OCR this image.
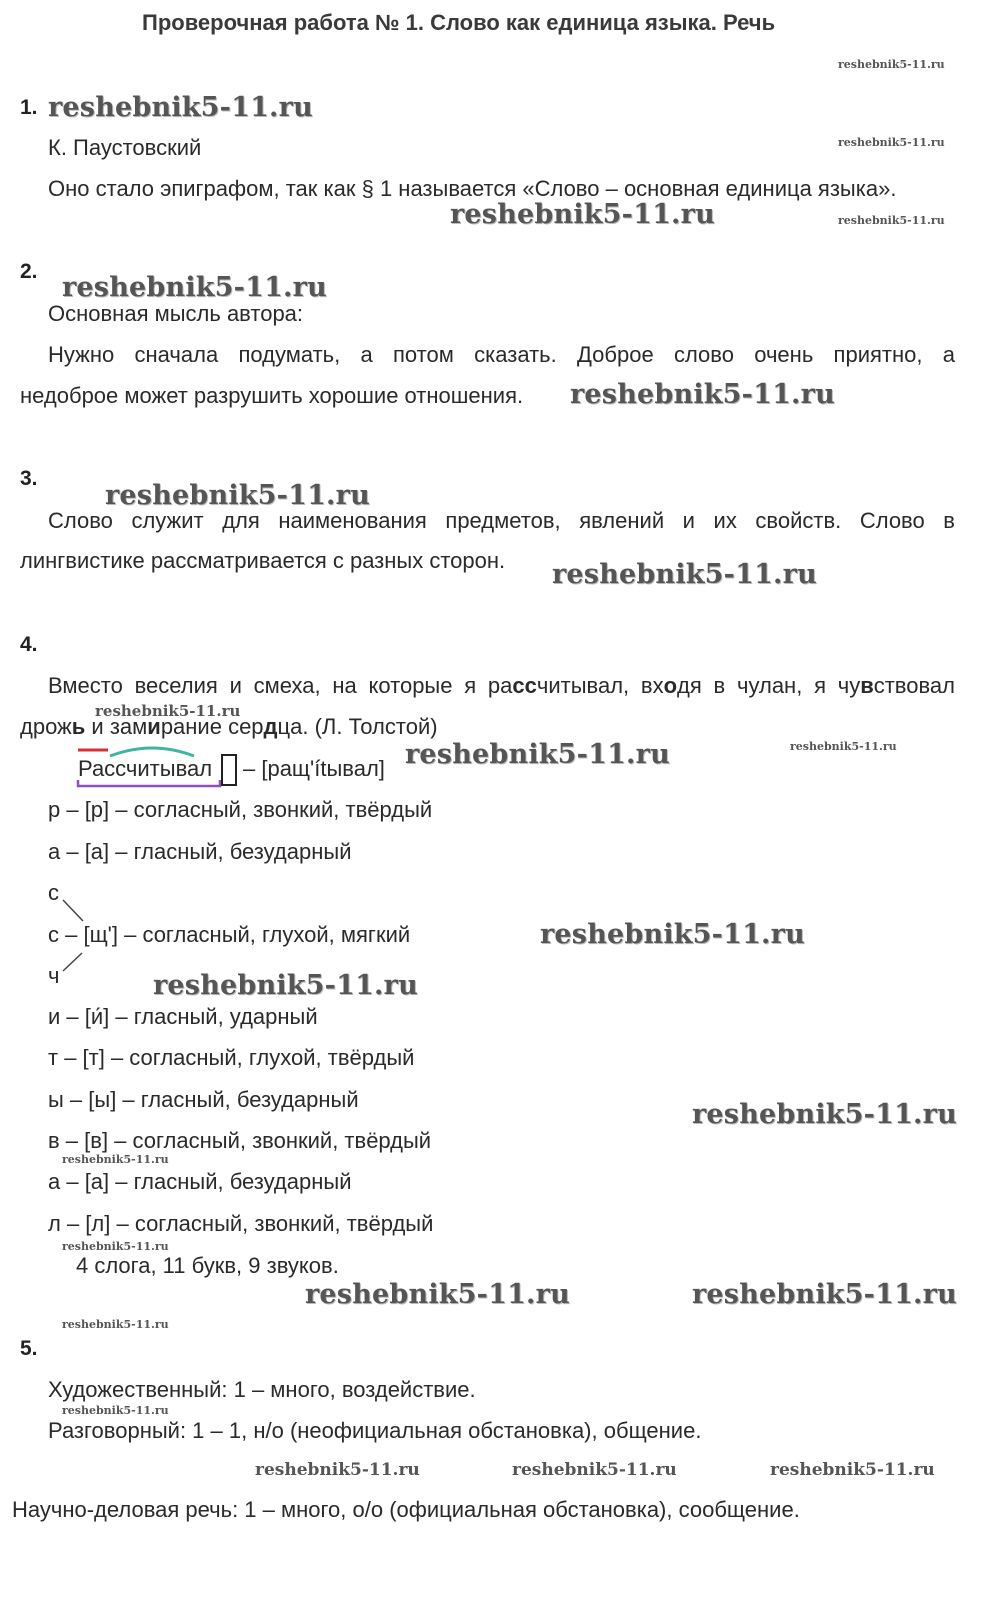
Проверочная работа № 1. Слово как единица языка. Речь
reshebnik5-11.ru
1. reshebnik5-11.ru
К. Паустовский	reshebnik5-11.ru
Оно стало эпиграфом, так как § 1 называется «Слово – основная единица языка».
reshebnik5-11.ru	reshebnik5-11.ru
2.
reshebnik5-11.ru
Основная мысль автора:
Нужно сначала подумать, а потом сказать. Доброе слово очень приятно, а
недоброе может разрушить хорошие отношения. reshebnik5-11.ru
3.
reshebnik5-11.ru
Слово служит для наименования предметов, явлений и их свойств. Слово в
лингвистике рассматривается с разных сторон. reshebnik5-11.ru
4.
Вместо веселия и смеха, на которые я рассчитывал, входя в чулан, я чувствовал
reshebnik5-11.ru
дрожь и замирание сердца. (Л. Толстой)
Рассчитывал – [ращ'ítывал] reshebnik5-11.ru	reshebnik5-11.ru
р – [р] – согласный, звонкий, твёрдый
а – [а] – гласный, безударный
с
с – [щ'] – согласный, глухой, мягкий	reshebnik5-11.ru
ч	reshebnik5-11.ru
и – [и́] – гласный, ударный
т – [т] – согласный, глухой, твёрдый
ы – [ы] – гласный, безударный	reshebnik5-11.ru
в – [в] – согласный, звонкий, твёрдый
reshebnik5-11.ru
а – [а] – гласный, безударный
л – [л] – согласный, звонкий, твёрдый
reshebnik5-11.ru
4 слога, 11 букв, 9 звуков.
reshebnik5-11.ru	reshebnik5-11.ru
reshebnik5-11.ru
5.
Художественный: 1 – много, воздействие.
reshebnik5-11.ru
Разговорный: 1 – 1, н/о (неофициальная обстановка), общение.
reshebnik5-11.ru	reshebnik5-11.ru	reshebnik5-11.ru
Научно-деловая речь: 1 – много, о/о (официальная обстановка), сообщение.
